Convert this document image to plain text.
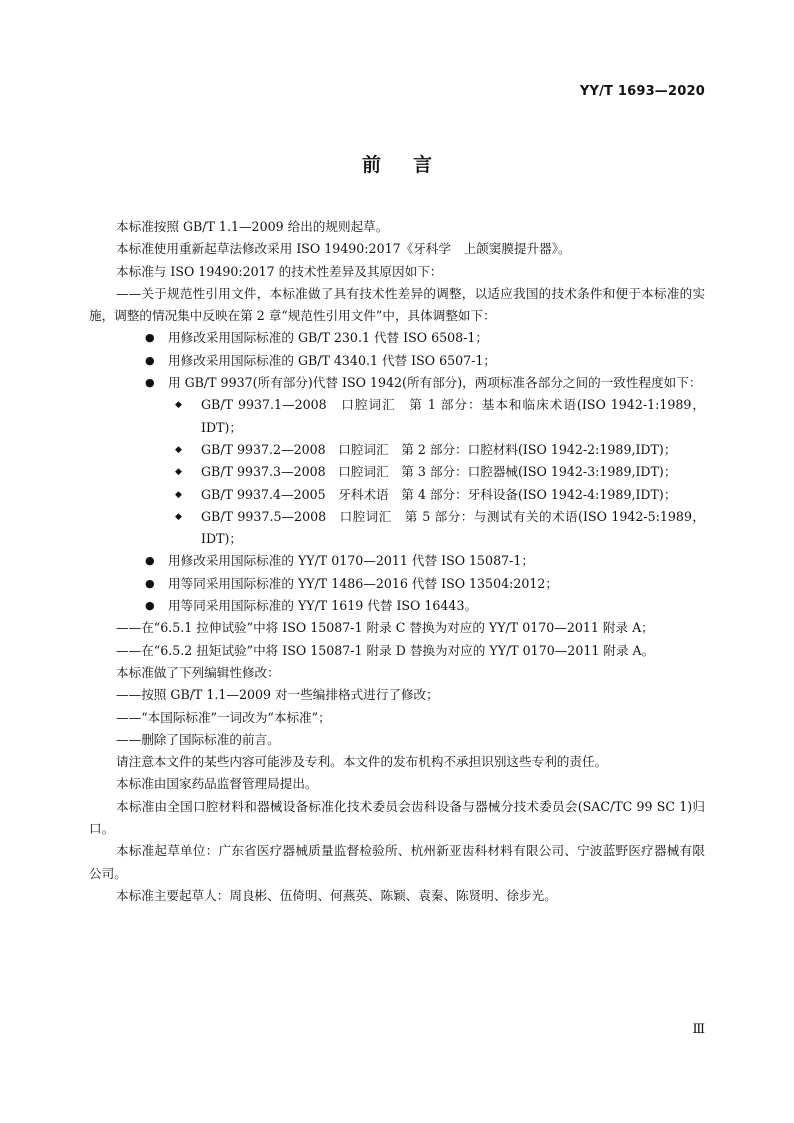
YY/T 1693—2020
前言

本标准按照 GB/T 1.1—2009 给出的规则起草。

本标准使用重新起草法修改采用 ISO 19490:2017《牙科学　上颌窦膜提升器》。

本标准与 ISO 19490:2017 的技术性差异及其原因如下：

——关于规范性引用文件，本标准做了具有技术性差异的调整，以适应我国的技术条件和便于本标准的实施，调整的情况集中反映在第 2 章“规范性引用文件”中，具体调整如下：

● 用修改采用国际标准的 GB/T 230.1 代替 ISO 6508-1；
● 用修改采用国际标准的 GB/T 4340.1 代替 ISO 6507-1；
● 用 GB/T 9937(所有部分)代替 ISO 1942(所有部分)，两项标准各部分之间的一致性程度如下：
◆ GB/T 9937.1—2008　口腔词汇　第 1 部分：基本和临床术语(ISO 1942-1:1989，IDT)；
◆ GB/T 9937.2—2008　口腔词汇　第 2 部分：口腔材料(ISO 1942-2:1989,IDT)；
◆ GB/T 9937.3—2008　口腔词汇　第 3 部分：口腔器械(ISO 1942-3:1989,IDT)；
◆ GB/T 9937.4—2005　牙科术语　第 4 部分：牙科设备(ISO 1942-4:1989,IDT)；
◆ GB/T 9937.5—2008　口腔词汇　第 5 部分：与测试有关的术语(ISO 1942-5:1989，IDT)；
● 用修改采用国际标准的 YY/T 0170—2011 代替 ISO 15087-1；
● 用等同采用国际标准的 YY/T 1486—2016 代替 ISO 13504:2012；
● 用等同采用国际标准的 YY/T 1619 代替 ISO 16443。

——在“6.5.1 拉伸试验”中将 ISO 15087-1 附录 C 替换为对应的 YY/T 0170—2011 附录 A；

——在“6.5.2 扭矩试验”中将 ISO 15087-1 附录 D 替换为对应的 YY/T 0170—2011 附录 A。

本标准做了下列编辑性修改：

——按照 GB/T 1.1—2009 对一些编排格式进行了修改；

——“本国际标准”一词改为“本标准”；

——删除了国际标准的前言。

请注意本文件的某些内容可能涉及专利。本文件的发布机构不承担识别这些专利的责任。

本标准由国家药品监督管理局提出。

本标准由全国口腔材料和器械设备标准化技术委员会齿科设备与器械分技术委员会(SAC/TC 99 SC 1)归口。

本标准起草单位：广东省医疗器械质量监督检验所、杭州新亚齿科材料有限公司、宁波蓝野医疗器械有限公司。

本标准主要起草人：周良彬、伍倚明、何燕英、陈颖、袁秦、陈贤明、徐步光。

Ⅲ
